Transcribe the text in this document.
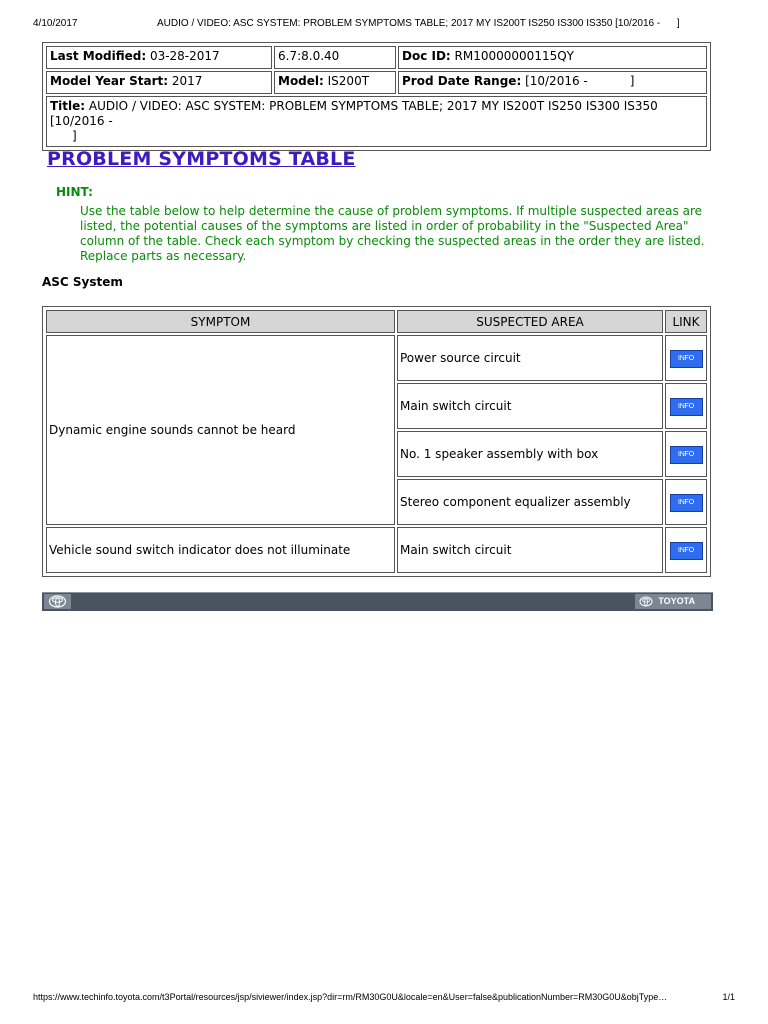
4/10/2017	AUDIO / VIDEO: ASC SYSTEM: PROBLEM SYMPTOMS TABLE; 2017 MY IS200T IS250 IS300 IS350 [10/2016 -      ]
Last Modified: 03-28-2017	6.7:8.0.40	Doc ID: RM10000000115QY
Model Year Start: 2017	Model: IS200T	Prod Date Range: [10/2016 -           ]
Title: AUDIO / VIDEO: ASC SYSTEM: PROBLEM SYMPTOMS TABLE; 2017 MY IS200T IS250 IS300 IS350 [10/2016 -
]		
PROBLEM SYMPTOMS TABLE
HINT:
Use the table below to help determine the cause of problem symptoms. If multiple suspected areas are listed, the potential causes of the symptoms are listed in order of probability in the "Suspected Area" column of the table. Check each symptom by checking the suspected areas in the order they are listed. Replace parts as necessary.
ASC System
SYMPTOM	SUSPECTED AREA	LINK
Dynamic engine sounds cannot be heard	Power source circuit	INFO
	Main switch circuit	INFO
	No. 1 speaker assembly with box	INFO
	Stereo component equalizer assembly	INFO
Vehicle sound switch indicator does not illuminate	Main switch circuit	INFO
TOYOTA
https://www.techinfo.toyota.com/t3Portal/resources/jsp/siviewer/index.jsp?dir=rm/RM30G0U&locale=en&User=false&publicationNumber=RM30G0U&objType…	1/1
